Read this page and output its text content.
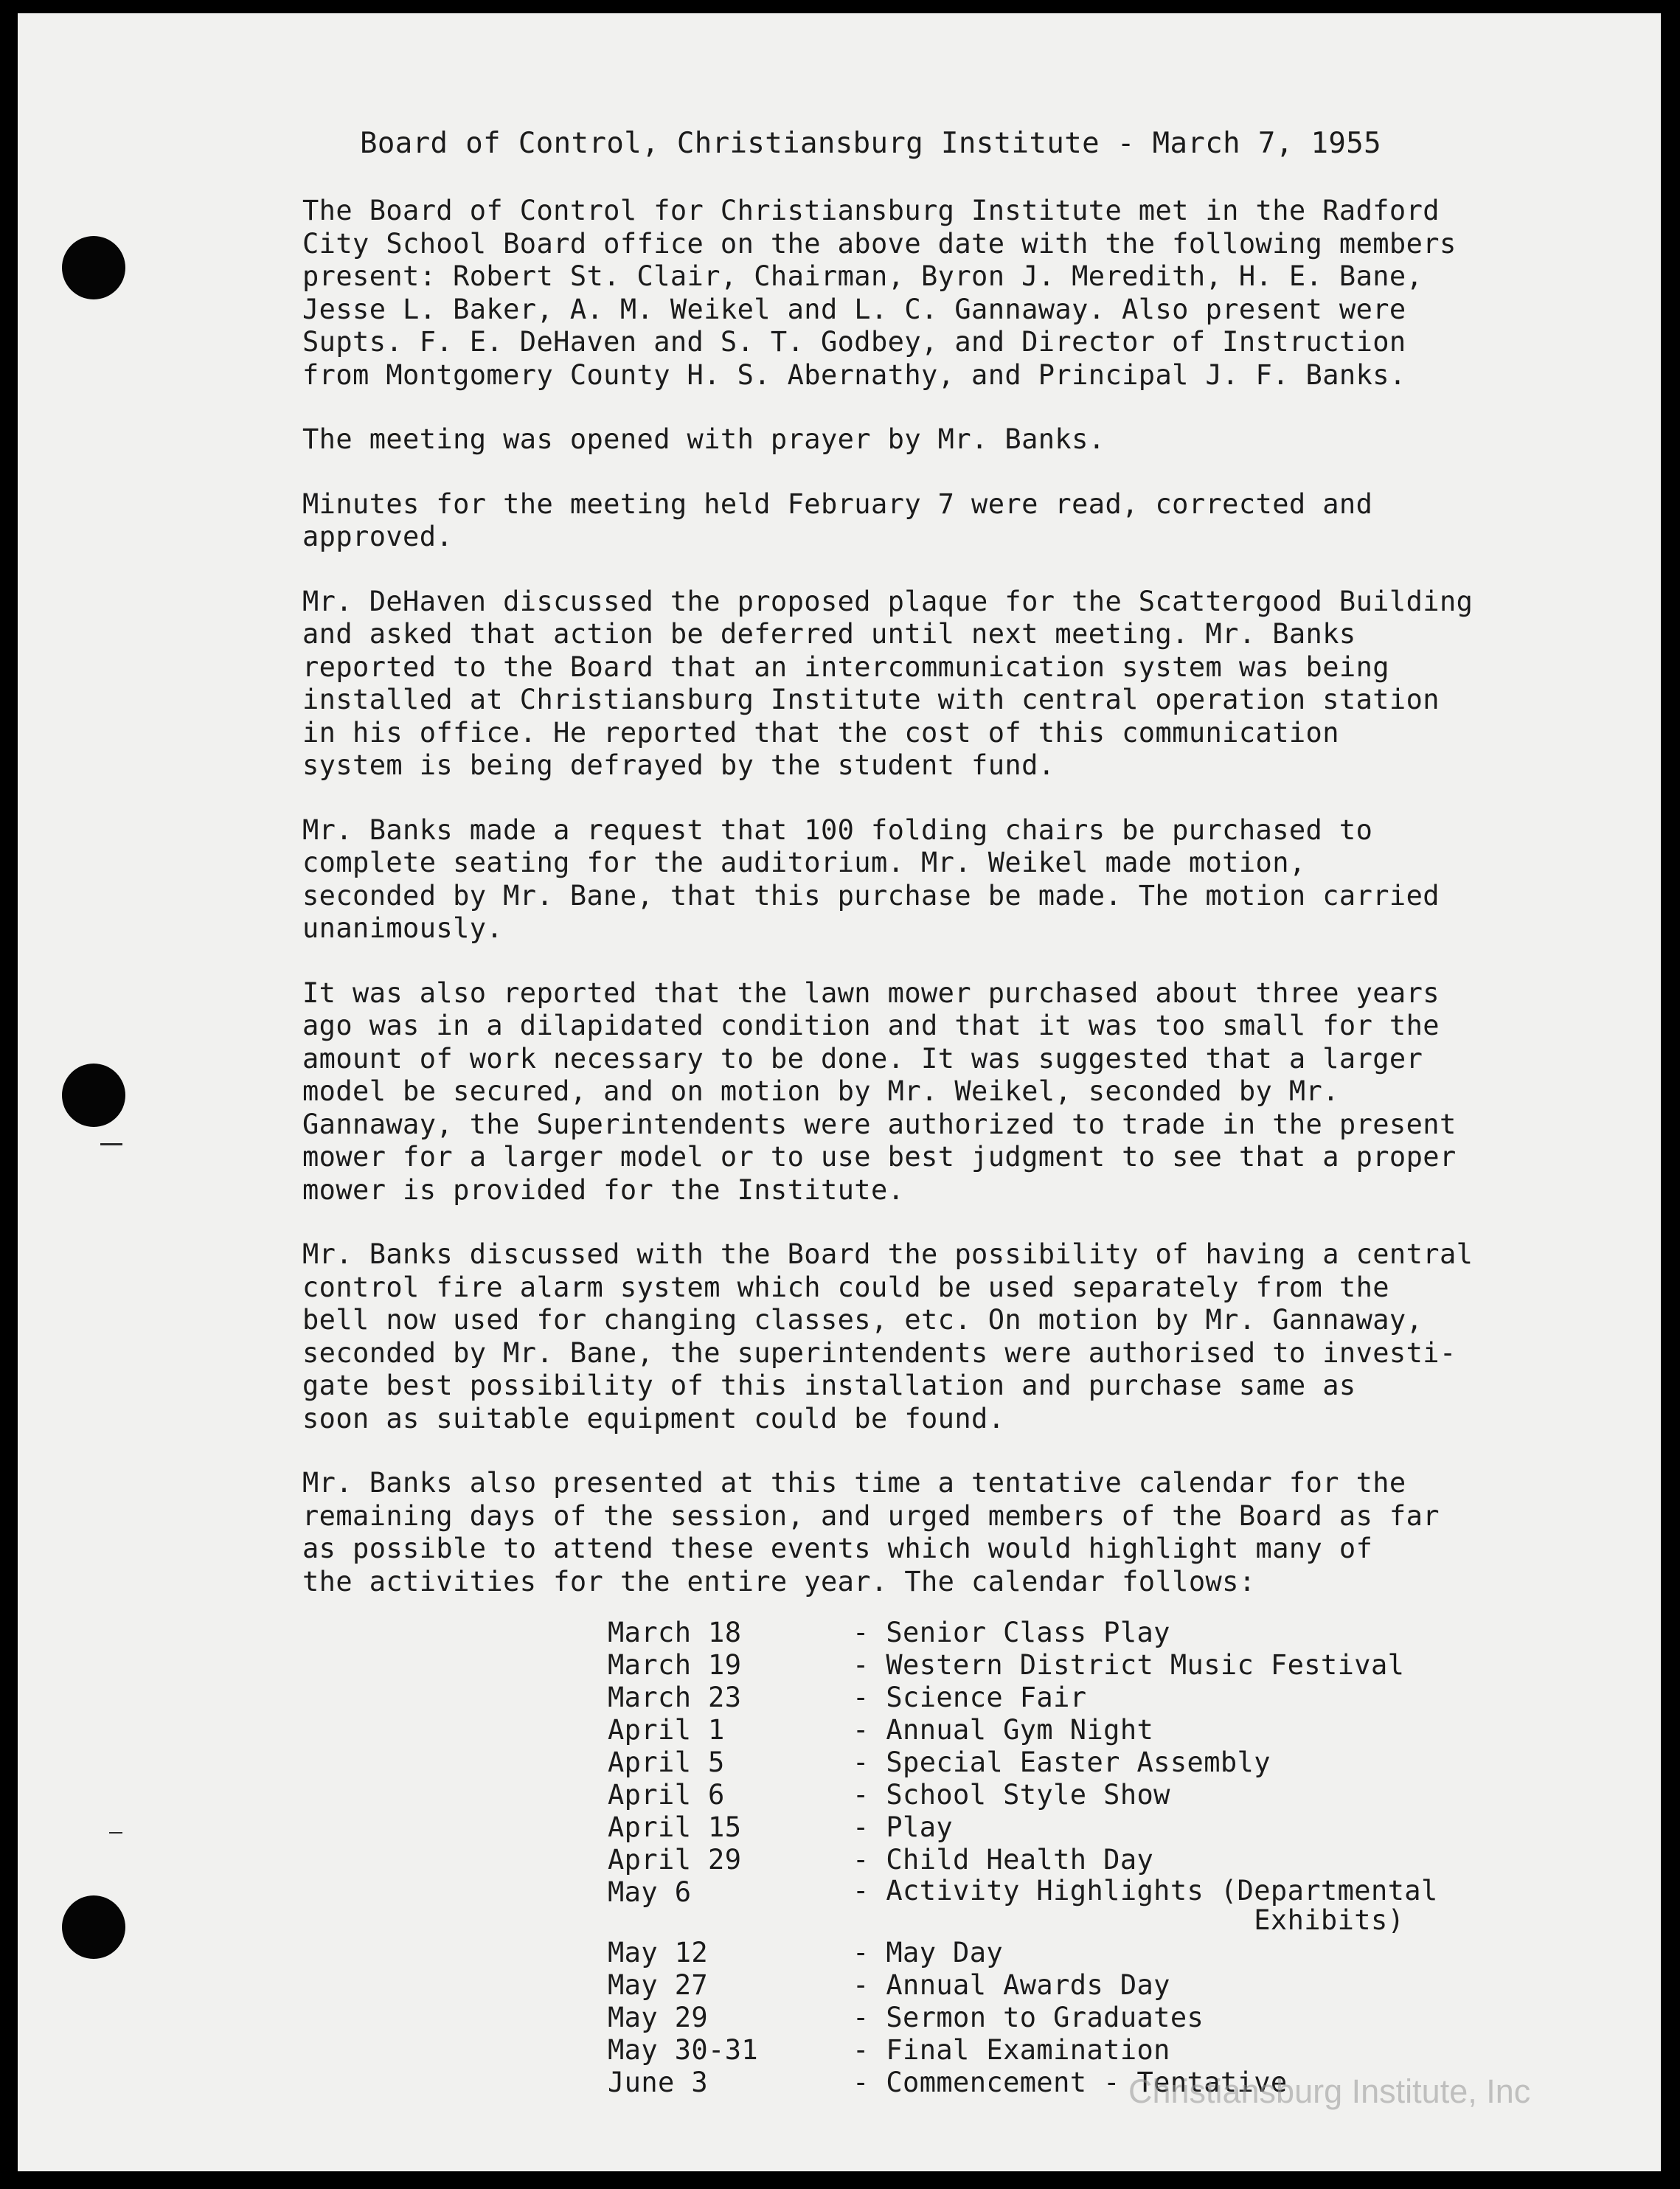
Board of Control, Christiansburg Institute - March 7, 1955

The Board of Control for Christiansburg Institute met in the Radford
City School Board office on the above date with the following members
present: Robert St. Clair, Chairman, Byron J. Meredith, H. E. Bane,
Jesse L. Baker, A. M. Weikel and L. C. Gannaway. Also present were
Supts. F. E. DeHaven and S. T. Godbey, and Director of Instruction
from Montgomery County H. S. Abernathy, and Principal J. F. Banks.

The meeting was opened with prayer by Mr. Banks.

Minutes for the meeting held February 7 were read, corrected and
approved.

Mr. DeHaven discussed the proposed plaque for the Scattergood Building
and asked that action be deferred until next meeting. Mr. Banks
reported to the Board that an intercommunication system was being
installed at Christiansburg Institute with central operation station
in his office. He reported that the cost of this communication
system is being defrayed by the student fund.

Mr. Banks made a request that 100 folding chairs be purchased to
complete seating for the auditorium. Mr. Weikel made motion,
seconded by Mr. Bane, that this purchase be made. The motion carried
unanimously.

It was also reported that the lawn mower purchased about three years
ago was in a dilapidated condition and that it was too small for the
amount of work necessary to be done. It was suggested that a larger
model be secured, and on motion by Mr. Weikel, seconded by Mr.
Gannaway, the Superintendents were authorized to trade in the present
mower for a larger model or to use best judgment to see that a proper
mower is provided for the Institute.

Mr. Banks discussed with the Board the possibility of having a central
control fire alarm system which could be used separately from the
bell now used for changing classes, etc. On motion by Mr. Gannaway,
seconded by Mr. Bane, the superintendents were authorised to investi-
gate best possibility of this installation and purchase same as
soon as suitable equipment could be found.

Mr. Banks also presented at this time a tentative calendar for the
remaining days of the session, and urged members of the Board as far
as possible to attend these events which would highlight many of
the activities for the entire year. The calendar follows:

March 18	- Senior Class Play
March 19	- Western District Music Festival
March 23	- Science Fair
April 1	- Annual Gym Night
April 5	- Special Easter Assembly
April 6	- School Style Show
April 15	- Play
April 29	- Child Health Day
May 6	- Activity Highlights (Departmental
Exhibits)
May 12	- May Day
May 27	- Annual Awards Day
May 29	- Sermon to Graduates
May 30-31	- Final Examination
June 3	- Commencement - Tentative
Christiansburg Institute, Inc
